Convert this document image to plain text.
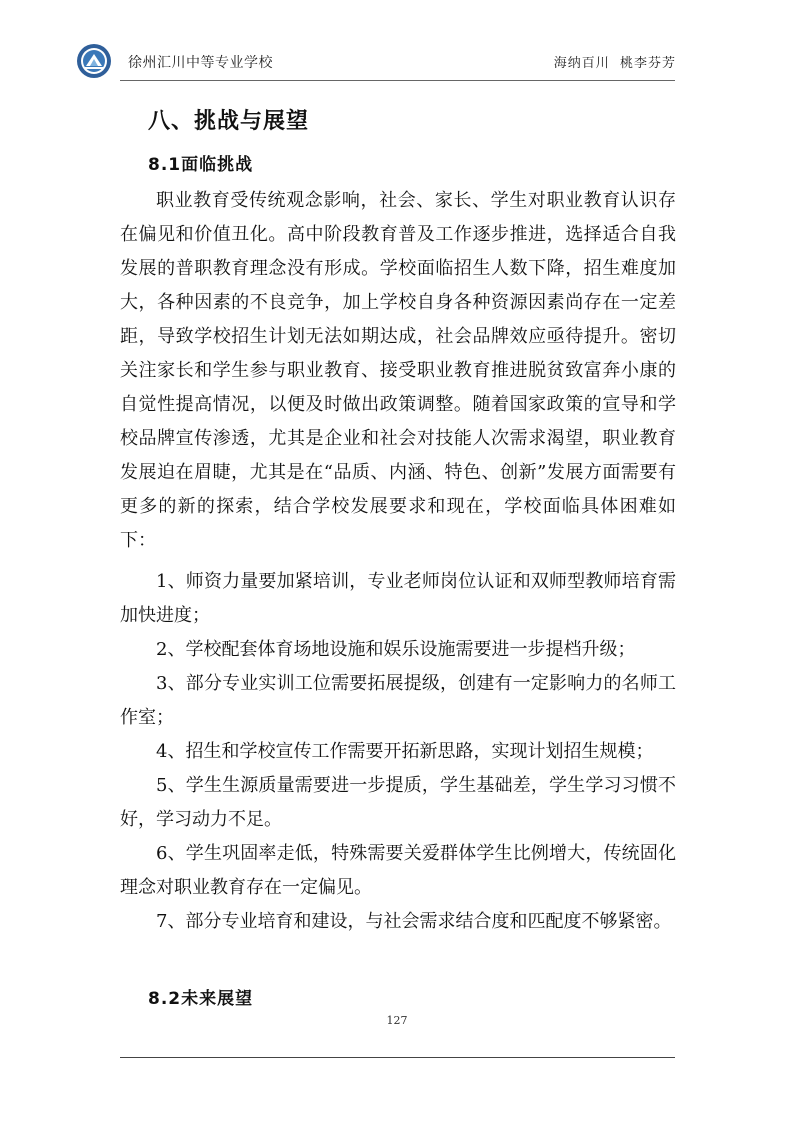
徐州汇川中等专业学校	海纳百川  桃李芬芳
八、挑战与展望
8.1面临挑战

职业教育受传统观念影响，社会、家长、学生对职业教育认识存在偏见和价值丑化。高中阶段教育普及工作逐步推进，选择适合自我发展的普职教育理念没有形成。学校面临招生人数下降，招生难度加大，各种因素的不良竞争，加上学校自身各种资源因素尚存在一定差距，导致学校招生计划无法如期达成，社会品牌效应亟待提升。密切关注家长和学生参与职业教育、接受职业教育推进脱贫致富奔小康的自觉性提高情况，以便及时做出政策调整。随着国家政策的宣导和学校品牌宣传渗透，尤其是企业和社会对技能人次需求渴望，职业教育发展迫在眉睫，尤其是在“品质、内涵、特色、创新”发展方面需要有更多的新的探索，结合学校发展要求和现在，学校面临具体困难如下：

1、师资力量要加紧培训，专业老师岗位认证和双师型教师培育需加快进度；

2、学校配套体育场地设施和娱乐设施需要进一步提档升级；

3、部分专业实训工位需要拓展提级，创建有一定影响力的名师工作室；

4、招生和学校宣传工作需要开拓新思路，实现计划招生规模；

5、学生生源质量需要进一步提质，学生基础差，学生学习习惯不好，学习动力不足。

6、学生巩固率走低，特殊需要关爱群体学生比例增大，传统固化理念对职业教育存在一定偏见。

7、部分专业培育和建设，与社会需求结合度和匹配度不够紧密。

8.2未来展望
127
